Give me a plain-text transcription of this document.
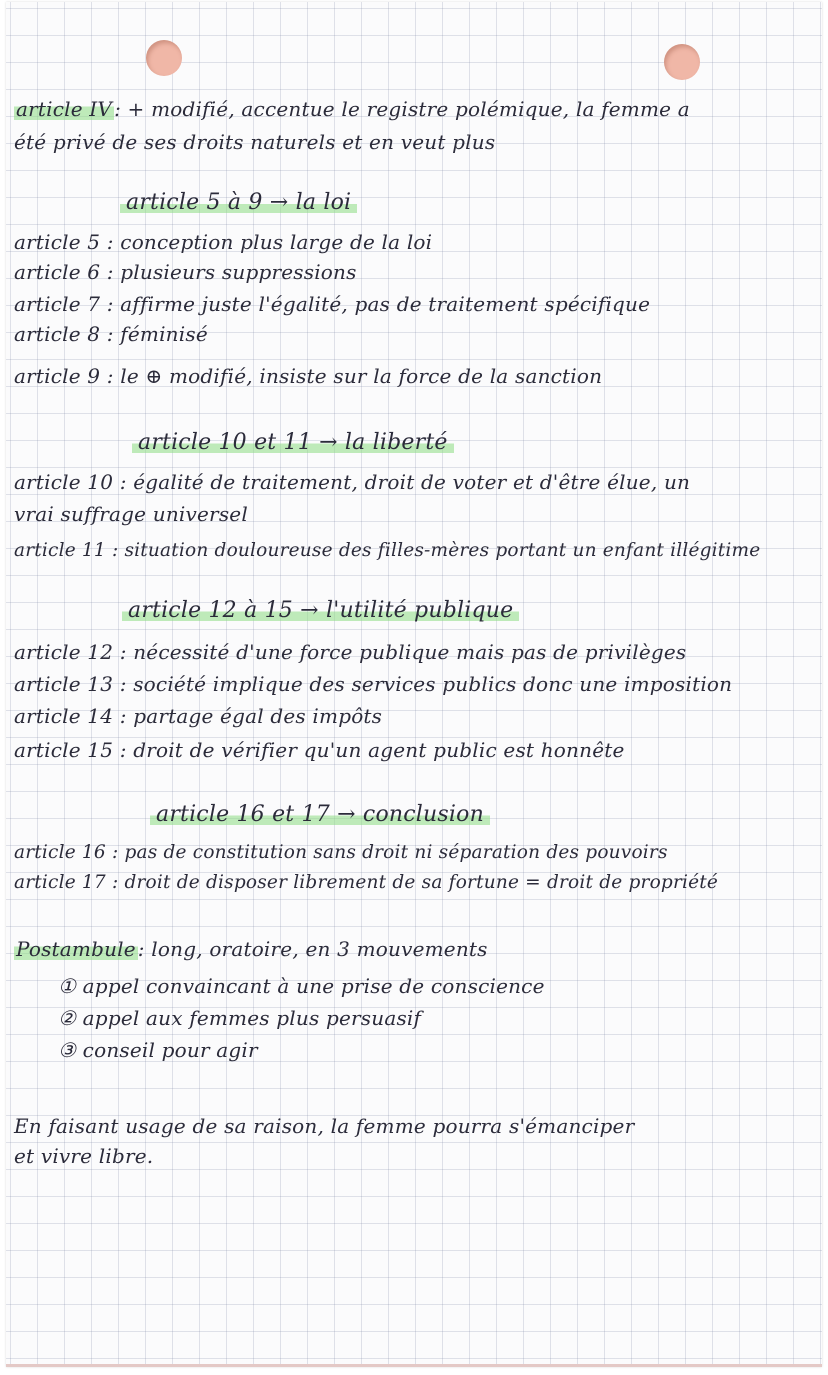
article IV : + modifié, accentue le registre polémique, la femme a

été privé de ses droits naturels et en veut plus

article 5 à 9 → la loi

article 5 : conception plus large de la loi

article 6 : plusieurs suppressions

article 7 : affirme juste l'égalité, pas de traitement spécifique

article 8 : féminisé

article 9 : le ⊕ modifié, insiste sur la force de la sanction

article 10 et 11 → la liberté

article 10 : égalité de traitement, droit de voter et d'être élue, un

vrai suffrage universel

article 11 : situation douloureuse des filles-mères portant un enfant illégitime

article 12 à 15 → l'utilité publique

article 12 : nécessité d'une force publique mais pas de privilèges

article 13 : société implique des services publics donc une imposition

article 14 : partage égal des impôts

article 15 : droit de vérifier qu'un agent public est honnête

article 16 et 17 → conclusion

article 16 : pas de constitution sans droit ni séparation des pouvoirs

article 17 : droit de disposer librement de sa fortune = droit de propriété

Postambule : long, oratoire, en 3 mouvements

① appel convaincant à une prise de conscience

② appel aux femmes plus persuasif

③ conseil pour agir

En faisant usage de sa raison, la femme pourra s'émanciper

et vivre libre.
